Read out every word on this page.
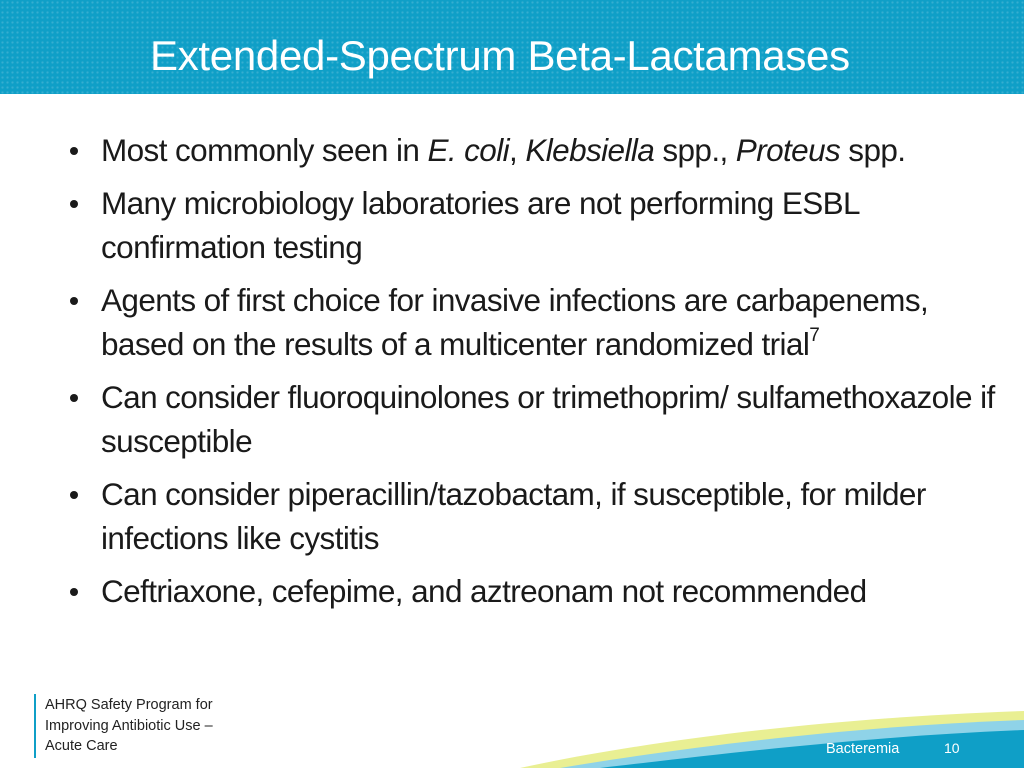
Extended-Spectrum Beta-Lactamases
Most commonly seen in E. coli, Klebsiella spp., Proteus spp.
Many microbiology laboratories are not performing ESBL confirmation testing
Agents of first choice for invasive infections are carbapenems, based on the results of a multicenter randomized trial$^7$
Can consider fluoroquinolones or trimethoprim/ sulfamethoxazole if susceptible
Can consider piperacillin/tazobactam, if susceptible, for milder infections like cystitis
Ceftriaxone, cefepime, and aztreonam not recommended
AHRQ Safety Program for
Improving Antibiotic Use –
Acute Care	Bacteremia	10
